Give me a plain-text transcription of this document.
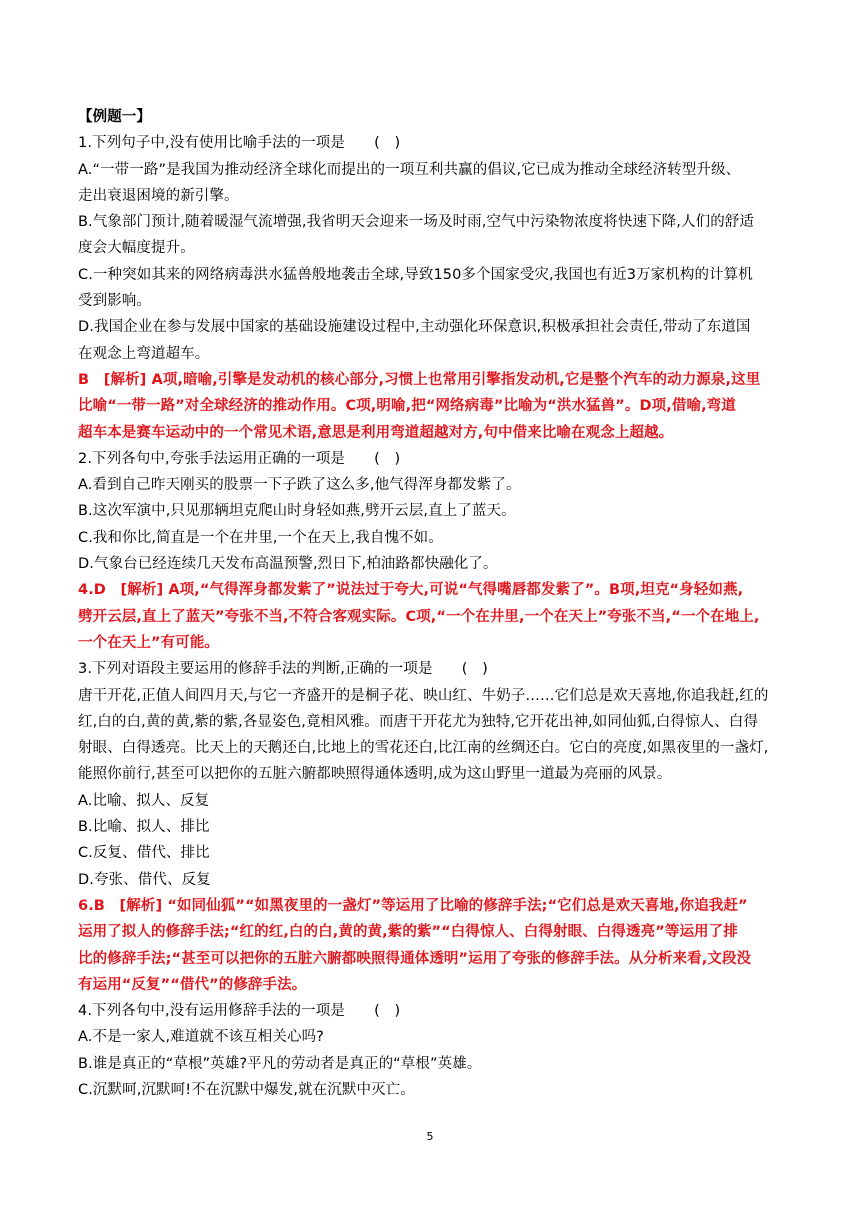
【例题一】
1.下列句子中,没有使用比喻手法的一项是　　(　)
A.“一带一路”是我国为推动经济全球化而提出的一项互利共赢的倡议,它已成为推动全球经济转型升级、
走出衰退困境的新引擎。
B.气象部门预计,随着暖湿气流增强,我省明天会迎来一场及时雨,空气中污染物浓度将快速下降,人们的舒适
度会大幅度提升。
C.一种突如其来的网络病毒洪水猛兽般地袭击全球,导致150多个国家受灾,我国也有近3万家机构的计算机
受到影响。
D.我国企业在参与发展中国家的基础设施建设过程中,主动强化环保意识,积极承担社会责任,带动了东道国
在观念上弯道超车。
B　[解析] A项,暗喻,引擎是发动机的核心部分,习惯上也常用引擎指发动机,它是整个汽车的动力源泉,这里
比喻“一带一路”对全球经济的推动作用。C项,明喻,把“网络病毒”比喻为“洪水猛兽”。D项,借喻,弯道
超车本是赛车运动中的一个常见术语,意思是利用弯道超越对方,句中借来比喻在观念上超越。
2.下列各句中,夸张手法运用正确的一项是　　(　)
A.看到自己昨天刚买的股票一下子跌了这么多,他气得浑身都发紫了。
B.这次军演中,只见那辆坦克爬山时身轻如燕,劈开云层,直上了蓝天。
C.我和你比,简直是一个在井里,一个在天上,我自愧不如。
D.气象台已经连续几天发布高温预警,烈日下,柏油路都快融化了。
4.D　[解析] A项,“气得浑身都发紫了”说法过于夸大,可说“气得嘴唇都发紫了”。B项,坦克“身轻如燕,
劈开云层,直上了蓝天”夸张不当,不符合客观实际。C项,“一个在井里,一个在天上”夸张不当,“一个在地上,
一个在天上”有可能。
3.下列对语段主要运用的修辞手法的判断,正确的一项是　　(　)
唐干开花,正值人间四月天,与它一齐盛开的是桐子花、映山红、牛奶子……它们总是欢天喜地,你追我赶,红的
红,白的白,黄的黄,紫的紫,各显姿色,竟相风雅。而唐干开花尤为独特,它开花出神,如同仙狐,白得惊人、白得
射眼、白得透亮。比天上的天鹅还白,比地上的雪花还白,比江南的丝绸还白。它白的亮度,如黑夜里的一盏灯,
能照你前行,甚至可以把你的五脏六腑都映照得通体透明,成为这山野里一道最为亮丽的风景。
A.比喻、拟人、反复
B.比喻、拟人、排比
C.反复、借代、排比
D.夸张、借代、反复
6.B　[解析] “如同仙狐”“如黑夜里的一盏灯”等运用了比喻的修辞手法;“它们总是欢天喜地,你追我赶”
运用了拟人的修辞手法;“红的红,白的白,黄的黄,紫的紫”“白得惊人、白得射眼、白得透亮”等运用了排
比的修辞手法;“甚至可以把你的五脏六腑都映照得通体透明”运用了夸张的修辞手法。从分析来看,文段没
有运用“反复”“借代”的修辞手法。
4.下列各句中,没有运用修辞手法的一项是　　(　)
A.不是一家人,难道就不该互相关心吗?
B.谁是真正的“草根”英雄?平凡的劳动者是真正的“草根”英雄。
C.沉默呵,沉默呵!不在沉默中爆发,就在沉默中灭亡。
5
